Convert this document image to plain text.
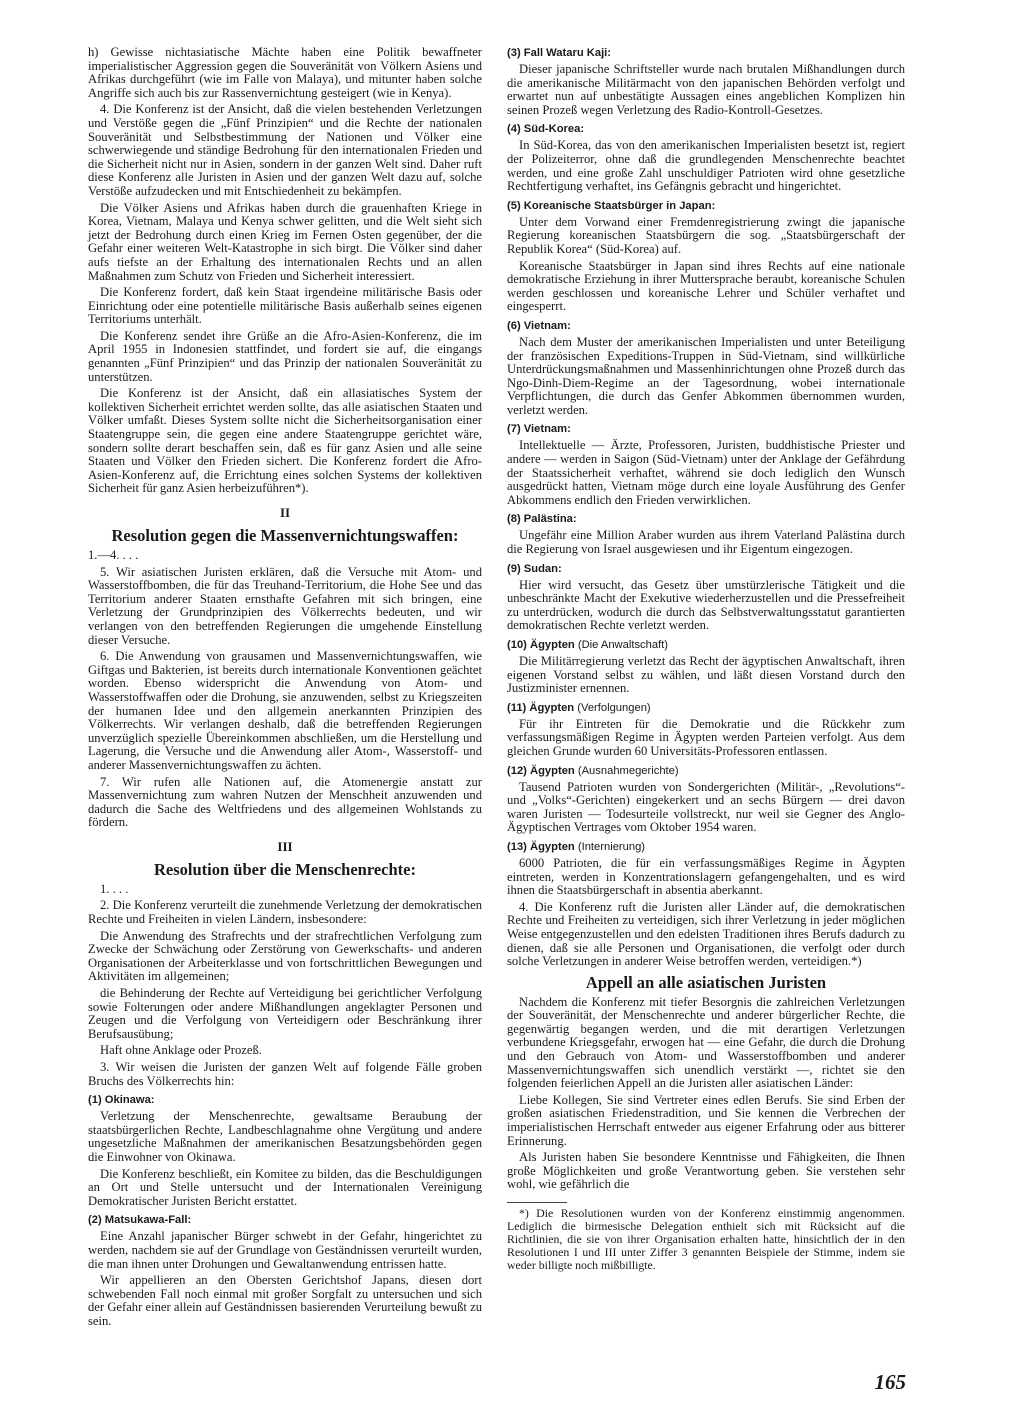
h) Gewisse nichtasiatische Mächte haben eine Politik bewaffneter imperialistischer Aggression gegen die Souveränität von Völkern Asiens und Afrikas durchgeführt (wie im Falle von Malaya), und mitunter haben solche Angriffe sich auch bis zur Rassenvernichtung gesteigert (wie in Kenya).

4. Die Konferenz ist der Ansicht, daß die vielen bestehenden Verletzungen und Verstöße gegen die „Fünf Prinzipien“ und die Rechte der nationalen Souveränität und Selbstbestimmung der Nationen und Völker eine schwerwiegende und ständige Bedrohung für den internationalen Frieden und die Sicherheit nicht nur in Asien, sondern in der ganzen Welt sind. Daher ruft diese Konferenz alle Juristen in Asien und der ganzen Welt dazu auf, solche Verstöße aufzudecken und mit Entschiedenheit zu bekämpfen.

Die Völker Asiens und Afrikas haben durch die grauenhaften Kriege in Korea, Vietnam, Malaya und Kenya schwer gelitten, und die Welt sieht sich jetzt der Bedrohung durch einen Krieg im Fernen Osten gegenüber, der die Gefahr einer weiteren Welt-Katastrophe in sich birgt. Die Völker sind daher aufs tiefste an der Erhaltung des internationalen Rechts und an allen Maßnahmen zum Schutz von Frieden und Sicherheit interessiert.

Die Konferenz fordert, daß kein Staat irgendeine militärische Basis oder Einrichtung oder eine potentielle militärische Basis außerhalb seines eigenen Territoriums unterhält.

Die Konferenz sendet ihre Grüße an die Afro-Asien-Konferenz, die im April 1955 in Indonesien stattfindet, und fordert sie auf, die eingangs genannten „Fünf Prinzipien“ und das Prinzip der nationalen Souveränität zu unterstützen.

Die Konferenz ist der Ansicht, daß ein allasiatisches System der kollektiven Sicherheit errichtet werden sollte, das alle asiatischen Staaten und Völker umfaßt. Dieses System sollte nicht die Sicherheitsorganisation einer Staatengruppe sein, die gegen eine andere Staatengruppe gerichtet wäre, sondern sollte derart beschaffen sein, daß es für ganz Asien und alle seine Staaten und Völker den Frieden sichert. Die Konferenz fordert die Afro-Asien-Konferenz auf, die Errichtung eines solchen Systems der kollektiven Sicherheit für ganz Asien herbeizuführen*).

II
Resolution gegen die Massenvernichtungswaffen:

1.—4. . . .

5. Wir asiatischen Juristen erklären, daß die Versuche mit Atom- und Wasserstoffbomben, die für das Treuhand-Territorium, die Hohe See und das Territorium anderer Staaten ernsthafte Gefahren mit sich bringen, eine Verletzung der Grundprinzipien des Völkerrechts bedeuten, und wir verlangen von den betreffenden Regierungen die umgehende Einstellung dieser Versuche.

6. Die Anwendung von grausamen und Massenvernichtungswaffen, wie Giftgas und Bakterien, ist bereits durch internationale Konventionen geächtet worden. Ebenso widerspricht die Anwendung von Atom- und Wasserstoffwaffen oder die Drohung, sie anzuwenden, selbst zu Kriegszeiten der humanen Idee und den allgemein anerkannten Prinzipien des Völkerrechts. Wir verlangen deshalb, daß die betreffenden Regierungen unverzüglich spezielle Übereinkommen abschließen, um die Herstellung und Lagerung, die Versuche und die Anwendung aller Atom-, Wasserstoff- und anderer Massenvernichtungswaffen zu ächten.

7. Wir rufen alle Nationen auf, die Atomenergie anstatt zur Massenvernichtung zum wahren Nutzen der Menschheit anzuwenden und dadurch die Sache des Weltfriedens und des allgemeinen Wohlstands zu fördern.

III
Resolution über die Menschenrechte:

1. . . .

2. Die Konferenz verurteilt die zunehmende Verletzung der demokratischen Rechte und Freiheiten in vielen Ländern, insbesondere:

Die Anwendung des Strafrechts und der strafrechtlichen Verfolgung zum Zwecke der Schwächung oder Zerstörung von Gewerkschafts- und anderen Organisationen der Arbeiterklasse und von fortschrittlichen Bewegungen und Aktivitäten im allgemeinen;

die Behinderung der Rechte auf Verteidigung bei gerichtlicher Verfolgung sowie Folterungen oder andere Mißhandlungen angeklagter Personen und Zeugen und die Verfolgung von Verteidigern oder Beschränkung ihrer Berufsausübung;

Haft ohne Anklage oder Prozeß.

3. Wir weisen die Juristen der ganzen Welt auf folgende Fälle groben Bruchs des Völkerrechts hin:

(1) Okinawa:

Verletzung der Menschenrechte, gewaltsame Beraubung der staatsbürgerlichen Rechte, Landbeschlagnahme ohne Vergütung und andere ungesetzliche Maßnahmen der amerikanischen Besatzungsbehörden gegen die Einwohner von Okinawa.

Die Konferenz beschließt, ein Komitee zu bilden, das die Beschuldigungen an Ort und Stelle untersucht und der Internationalen Vereinigung Demokratischer Juristen Bericht erstattet.

(2) Matsukawa-Fall:

Eine Anzahl japanischer Bürger schwebt in der Gefahr, hingerichtet zu werden, nachdem sie auf der Grundlage von Geständnissen verurteilt wurden, die man ihnen unter Drohungen und Gewaltanwendung entrissen hatte.

Wir appellieren an den Obersten Gerichtshof Japans, diesen dort schwebenden Fall noch einmal mit großer Sorgfalt zu untersuchen und sich der Gefahr einer allein auf Geständnissen basierenden Verurteilung bewußt zu sein.

(3) Fall Wataru Kaji:

Dieser japanische Schriftsteller wurde nach brutalen Mißhandlungen durch die amerikanische Militärmacht von den japanischen Behörden verfolgt und erwartet nun auf unbestätigte Aussagen eines angeblichen Komplizen hin seinen Prozeß wegen Verletzung des Radio-Kontroll-Gesetzes.

(4) Süd-Korea:

In Süd-Korea, das von den amerikanischen Imperialisten besetzt ist, regiert der Polizeiterror, ohne daß die grundlegenden Menschenrechte beachtet werden, und eine große Zahl unschuldiger Patrioten wird ohne gesetzliche Rechtfertigung verhaftet, ins Gefängnis gebracht und hingerichtet.

(5) Koreanische Staatsbürger in Japan:

Unter dem Vorwand einer Fremdenregistrierung zwingt die japanische Regierung koreanischen Staatsbürgern die sog. „Staatsbürgerschaft der Republik Korea“ (Süd-Korea) auf.

Koreanische Staatsbürger in Japan sind ihres Rechts auf eine nationale demokratische Erziehung in ihrer Muttersprache beraubt, koreanische Schulen werden geschlossen und koreanische Lehrer und Schüler verhaftet und eingesperrt.

(6) Vietnam:

Nach dem Muster der amerikanischen Imperialisten und unter Beteiligung der französischen Expeditions-Truppen in Süd-Vietnam, sind willkürliche Unterdrückungsmaßnahmen und Massenhinrichtungen ohne Prozeß durch das Ngo-Dinh-Diem-Regime an der Tagesordnung, wobei internationale Verpflichtungen, die durch das Genfer Abkommen übernommen wurden, verletzt werden.

(7) Vietnam:

Intellektuelle — Ärzte, Professoren, Juristen, buddhistische Priester und andere — werden in Saigon (Süd-Vietnam) unter der Anklage der Gefährdung der Staatssicherheit verhaftet, während sie doch lediglich den Wunsch ausgedrückt hatten, Vietnam möge durch eine loyale Ausführung des Genfer Abkommens endlich den Frieden verwirklichen.

(8) Palästina:

Ungefähr eine Million Araber wurden aus ihrem Vaterland Palästina durch die Regierung von Israel ausgewiesen und ihr Eigentum eingezogen.

(9) Sudan:

Hier wird versucht, das Gesetz über umstürzlerische Tätigkeit und die unbeschränkte Macht der Exekutive wiederherzustellen und die Pressefreiheit zu unterdrücken, wodurch die durch das Selbstverwaltungsstatut garantierten demokratischen Rechte verletzt werden.

(10) Ägypten (Die Anwaltschaft)

Die Militärregierung verletzt das Recht der ägyptischen Anwaltschaft, ihren eigenen Vorstand selbst zu wählen, und läßt diesen Vorstand durch den Justizminister ernennen.

(11) Ägypten (Verfolgungen)

Für ihr Eintreten für die Demokratie und die Rückkehr zum verfassungsmäßigen Regime in Ägypten werden Parteien verfolgt. Aus dem gleichen Grunde wurden 60 Universitäts-Professoren entlassen.

(12) Ägypten (Ausnahmegerichte)

Tausend Patrioten wurden von Sondergerichten (Militär-, „Revolutions“- und „Volks“-Gerichten) eingekerkert und an sechs Bürgern — drei davon waren Juristen — Todesurteile vollstreckt, nur weil sie Gegner des Anglo-Ägyptischen Vertrages vom Oktober 1954 waren.

(13) Ägypten (Internierung)

6000 Patrioten, die für ein verfassungsmäßiges Regime in Ägypten eintreten, werden in Konzentrationslagern gefangengehalten, und es wird ihnen die Staatsbürgerschaft in absentia aberkannt.

4. Die Konferenz ruft die Juristen aller Länder auf, die demokratischen Rechte und Freiheiten zu verteidigen, sich ihrer Verletzung in jeder möglichen Weise entgegenzustellen und den edelsten Traditionen ihres Berufs dadurch zu dienen, daß sie alle Personen und Organisationen, die verfolgt oder durch solche Verletzungen in anderer Weise betroffen werden, verteidigen.*)

Appell an alle asiatischen Juristen

Nachdem die Konferenz mit tiefer Besorgnis die zahlreichen Verletzungen der Souveränität, der Menschenrechte und anderer bürgerlicher Rechte, die gegenwärtig begangen werden, und die mit derartigen Verletzungen verbundene Kriegsgefahr, erwogen hat — eine Gefahr, die durch die Drohung und den Gebrauch von Atom- und Wasserstoffbomben und anderer Massenvernichtungswaffen sich unendlich verstärkt —, richtet sie den folgenden feierlichen Appell an die Juristen aller asiatischen Länder:

Liebe Kollegen, Sie sind Vertreter eines edlen Berufs. Sie sind Erben der großen asiatischen Friedenstradition, und Sie kennen die Verbrechen der imperialistischen Herrschaft entweder aus eigener Erfahrung oder aus bitterer Erinnerung.

Als Juristen haben Sie besondere Kenntnisse und Fähigkeiten, die Ihnen große Möglichkeiten und große Verantwortung geben. Sie verstehen sehr wohl, wie gefährlich die

*) Die Resolutionen wurden von der Konferenz einstimmig angenommen. Lediglich die birmesische Delegation enthielt sich mit Rücksicht auf die Richtlinien, die sie von ihrer Organisation erhalten hatte, hinsichtlich der in den Resolutionen I und III unter Ziffer 3 genannten Beispiele der Stimme, indem sie weder billigte noch mißbilligte.

165
